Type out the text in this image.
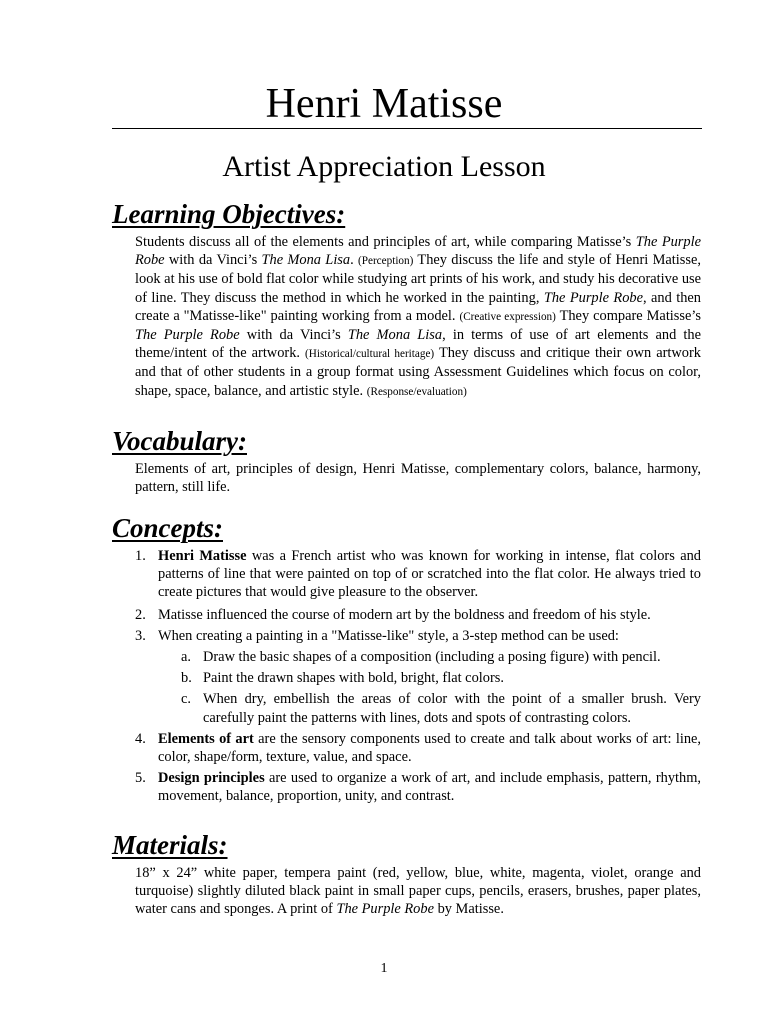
Henri Matisse
Artist Appreciation Lesson
Learning Objectives:
Students discuss all of the elements and principles of art, while comparing Matisse’s The Purple Robe with da Vinci’s The Mona Lisa. (Perception) They discuss the life and style of Henri Matisse, look at his use of bold flat color while studying art prints of his work, and study his decorative use of line. They discuss the method in which he worked in the painting, The Purple Robe, and then create a "Matisse-like" painting working from a model. (Creative expression) They compare Matisse’s The Purple Robe with da Vinci’s The Mona Lisa, in terms of use of art elements and the theme/intent of the artwork. (Historical/cultural heritage) They discuss and critique their own artwork and that of other students in a group format using Assessment Guidelines which focus on color, shape, space, balance, and artistic style. (Response/evaluation)
Vocabulary:
Elements of art, principles of design, Henri Matisse, complementary colors, balance, harmony, pattern, still life.
Concepts:
1. Henri Matisse was a French artist who was known for working in intense, flat colors and patterns of line that were painted on top of or scratched into the flat color. He always tried to create pictures that would give pleasure to the observer.
2. Matisse influenced the course of modern art by the boldness and freedom of his style.
3. When creating a painting in a "Matisse-like" style, a 3-step method can be used:
a. Draw the basic shapes of a composition (including a posing figure) with pencil.
b. Paint the drawn shapes with bold, bright, flat colors.
c. When dry, embellish the areas of color with the point of a smaller brush. Very carefully paint the patterns with lines, dots and spots of contrasting colors.
4. Elements of art are the sensory components used to create and talk about works of art: line, color, shape/form, texture, value, and space.
5. Design principles are used to organize a work of art, and include emphasis, pattern, rhythm, movement, balance, proportion, unity, and contrast.
Materials:
18” x 24” white paper, tempera paint (red, yellow, blue, white, magenta, violet, orange and turquoise) slightly diluted black paint in small paper cups, pencils, erasers, brushes, paper plates, water cans and sponges. A print of The Purple Robe by Matisse.
1
